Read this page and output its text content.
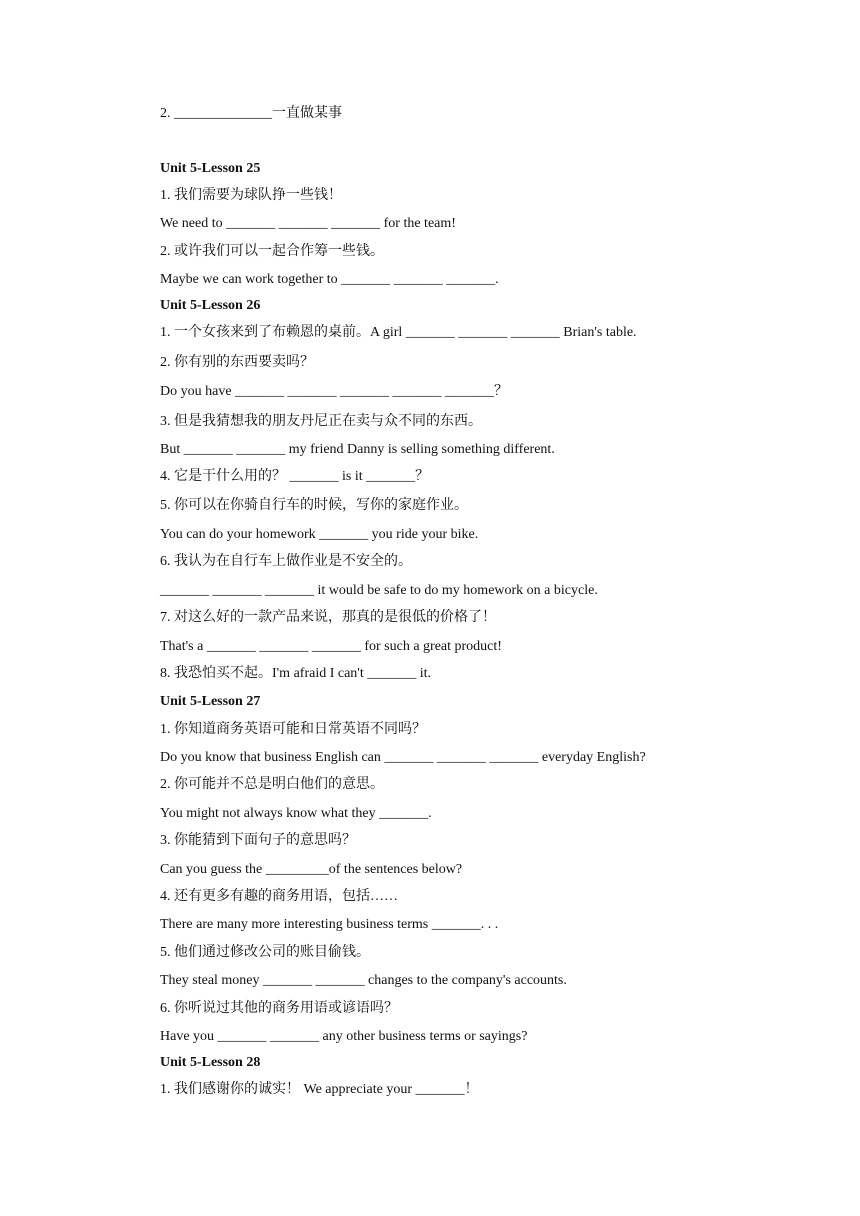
2. ______________一直做某事
Unit 5-Lesson 25
1. 我们需要为球队挣一些钱！
We need to _______ _______ _______ for the team!
2. 或许我们可以一起合作筹一些钱。
Maybe we can work together to _______ _______ _______.
Unit 5-Lesson 26
1. 一个女孩来到了布赖恩的桌前。A girl _______ _______ _______ Brian's table.
2. 你有别的东西要卖吗？
Do you have _______ _______ _______ _______ _______？
3. 但是我猜想我的朋友丹尼正在卖与众不同的东西。
But _______ _______ my friend Danny is selling something different.
4. 它是干什么用的？ _______ is it _______？
5. 你可以在你骑自行车的时候，写你的家庭作业。
You can do your homework _______ you ride your bike.
6. 我认为在自行车上做作业是不安全的。
_______ _______ _______ it would be safe to do my homework on a bicycle.
7. 对这么好的一款产品来说，那真的是很低的价格了！
That's a _______ _______ _______ for such a great product!
8. 我恐怕买不起。I'm afraid I can't _______ it.
Unit 5-Lesson 27
1. 你知道商务英语可能和日常英语不同吗？
Do you know that business English can _______ _______ _______ everyday English?
2. 你可能并不总是明白他们的意思。
You might not always know what they _______.
3. 你能猜到下面句子的意思吗？
Can you guess the _________of the sentences below?
4. 还有更多有趣的商务用语，包括……
There are many more interesting business terms _______. . .
5. 他们通过修改公司的账目偷钱。
They steal money _______ _______ changes to the company's accounts.
6. 你听说过其他的商务用语或谚语吗？
Have you _______ _______ any other business terms or sayings?
Unit 5-Lesson 28
1. 我们感谢你的诚实！ We appreciate your _______！
